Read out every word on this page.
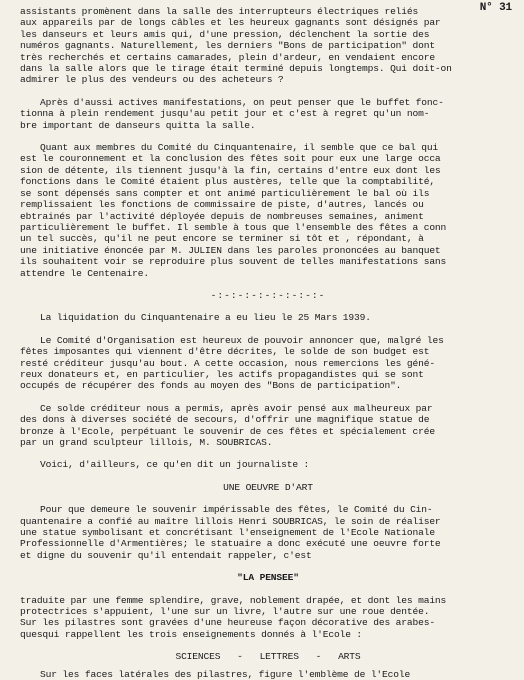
N° 31

assistants promènent dans la salle des interrupteurs électriques reliés

aux appareils par de longs câbles et les heureux gagnants sont désignés par

les danseurs et leurs amis qui, d'une pression, déclenchent la sortie des

numéros gagnants. Naturellement, les derniers "Bons de participation" dont

très recherchés et certains camarades, plein d'ardeur, en vendaient encore

dans la salle alors que le tirage était terminé depuis longtemps. Qui doit-on

admirer le plus des vendeurs ou des acheteurs ?

Après d'aussi actives manifestations, on peut penser que le buffet fonc-

tionna à plein rendement jusqu'au petit jour et c'est à regret qu'un nom-

bre important de danseurs quitta la salle.

Quant aux membres du Comité du Cinquantenaire, il semble que ce bal qui

est le couronnement et la conclusion des fêtes soit pour eux une large occa

sion de détente, ils tiennent jusqu'à la fin, certains d'entre eux dont les

fonctions dans le Comité étaient plus austères, telle que la comptabilité,

se sont dépensés sans compter et ont animé particulièrement le bal où ils

remplissaient les fonctions de commissaire de piste, d'autres, lancés ou

ebtrainés par l'activité déployée depuis de nombreuses semaines, animent

particulièrement le buffet. Il semble à tous que l'ensemble des fêtes a conn

un tel succès, qu'il ne peut encore se terminer si tôt et , répondant, à

une initiative énoncée par M. JULIEN dans les paroles prononcées au banquet

ils souhaitent voir se reproduire plus souvent de telles manifestations sans

attendre le Centenaire.

-:-:-:-:-:-:-:-:-

La liquidation du Cinquantenaire a eu lieu le 25 Mars 1939.

Le Comité d'Organisation est heureux de pouvoir annoncer que, malgré les

fêtes imposantes qui viennent d'être décrites, le solde de son budget est

resté créditeur jusqu'au bout. A cette occasion, nous remercions les géné-

reux donateurs et, en particulier, les actifs propagandistes qui se sont

occupés de récupérer des fonds au moyen des "Bons de participation".

Ce solde créditeur nous a permis, après avoir pensé aux malheureux par

des dons à diverses société de secours, d'offrir une magnifique statue de

bronze à l'Ecole, perpétuant le souvenir de ces fêtes et spécialement crée

par un grand sculpteur lillois, M. SOUBRICAS.

Voici, d'ailleurs, ce qu'en dit un journaliste :

UNE OEUVRE D'ART

Pour que demeure le souvenir impérissable des fêtes, le Comité du Cin-

quantenaire a confié au maître lillois Henri SOUBRICAS, le soin de réaliser

une statue symbolisant et concrétisant l'enseignement de l'Ecole Nationale

Professionnelle d'Armentières; le statuaire a donc exécuté une oeuvre forte

et digne du souvenir qu'il entendait rappeler, c'est

"LA PENSEE"

traduite par une femme splendire, grave, noblement drapée, et dont les mains

protectrices s'appuient, l'une sur un livre, l'autre sur une roue dentée.

Sur les pilastres sont gravées d'une heureuse façon décorative des arabes-

quesqui rappellent les trois enseignements donnés à l'Ecole :

SCIENCES   -   LETTRES   -   ARTS

Sur les faces latérales des pilastres, figure l'emblème de l'Ecole
